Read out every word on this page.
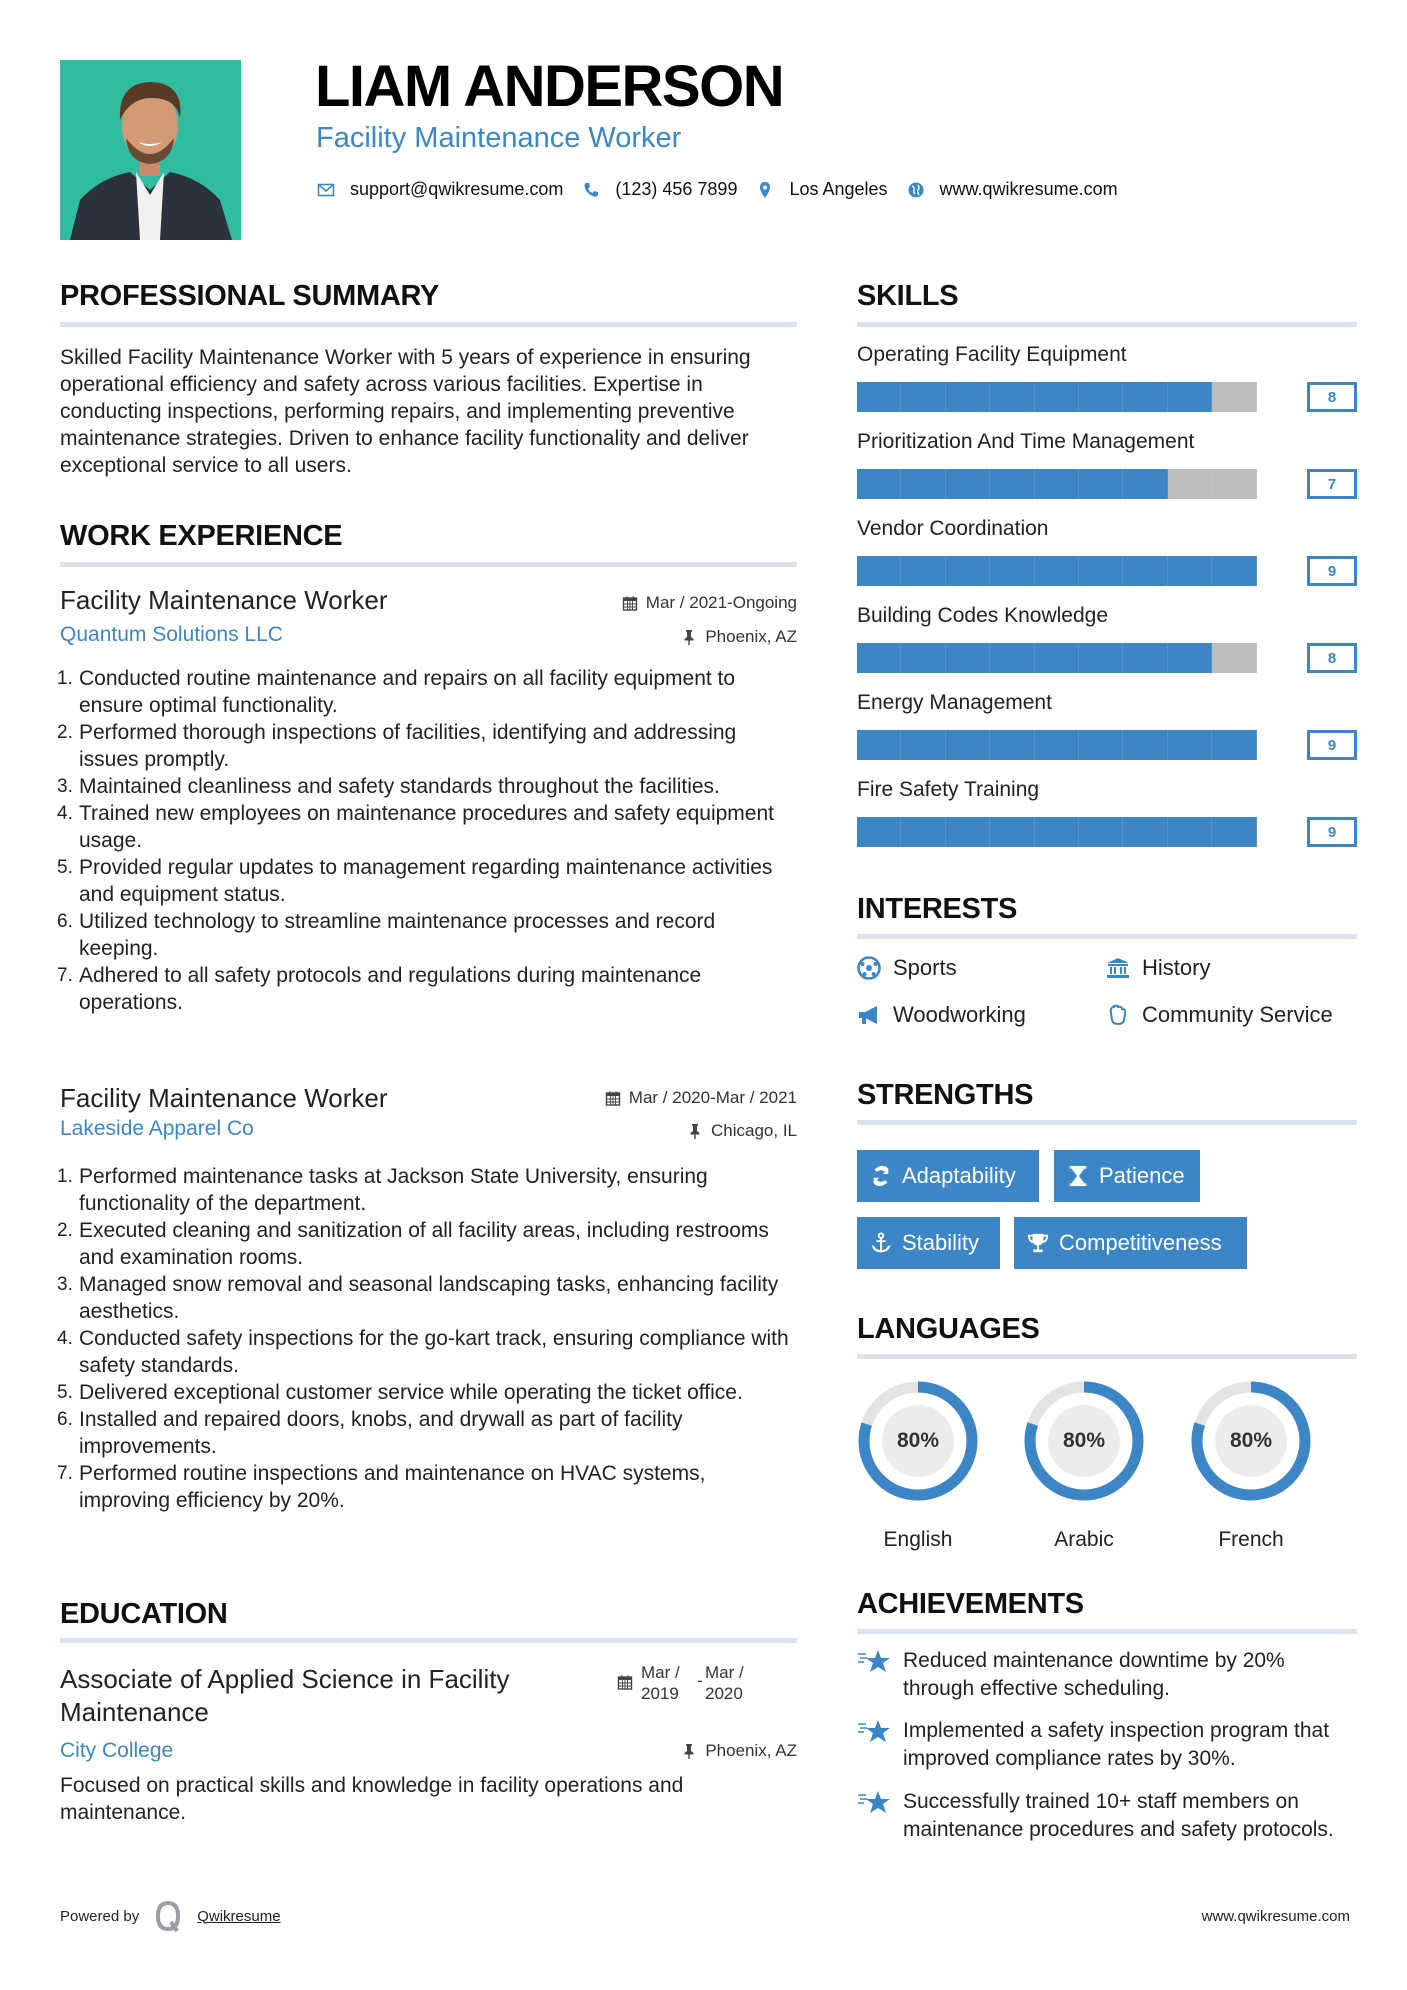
LIAM ANDERSON
Facility Maintenance Worker
support@qwikresume.com	(123) 456 7899	Los Angeles	www.qwikresume.com
PROFESSIONAL SUMMARY

Skilled Facility Maintenance Worker with 5 years of experience in ensuring operational efficiency and safety across various facilities. Expertise in conducting inspections, performing repairs, and implementing preventive maintenance strategies. Driven to enhance facility functionality and deliver exceptional service to all users.

WORK EXPERIENCE
Facility Maintenance Worker	Mar / 2021-Ongoing
Quantum Solutions LLC	Phoenix, AZ
1. Conducted routine maintenance and repairs on all facility equipment to ensure optimal functionality.
2. Performed thorough inspections of facilities, identifying and addressing issues promptly.
3. Maintained cleanliness and safety standards throughout the facilities.
4. Trained new employees on maintenance procedures and safety equipment usage.
5. Provided regular updates to management regarding maintenance activities and equipment status.
6. Utilized technology to streamline maintenance processes and record keeping.
7. Adhered to all safety protocols and regulations during maintenance operations.
Facility Maintenance Worker	Mar / 2020-Mar / 2021
Lakeside Apparel Co	Chicago, IL
1. Performed maintenance tasks at Jackson State University, ensuring functionality of the department.
2. Executed cleaning and sanitization of all facility areas, including restrooms and examination rooms.
3. Managed snow removal and seasonal landscaping tasks, enhancing facility aesthetics.
4. Conducted safety inspections for the go-kart track, ensuring compliance with safety standards.
5. Delivered exceptional customer service while operating the ticket office.
6. Installed and repaired doors, knobs, and drywall as part of facility improvements.
7. Performed routine inspections and maintenance on HVAC systems, improving efficiency by 20%.
EDUCATION
Associate of Applied Science in Facility Maintenance
Mar /
2019
- Mar /
2020
City College	Phoenix, AZ

Focused on practical skills and knowledge in facility operations and maintenance.

SKILLS
Operating Facility Equipment
8
Prioritization And Time Management
7
Vendor Coordination
9
Building Codes Knowledge
8
Energy Management
9
Fire Safety Training
9
INTERESTS
Sports	History
Woodworking	Community Service
STRENGTHS
Adaptability	Patience
Stability	Competitiveness
LANGUAGES
80%
English
80%
Arabic
80%
French
ACHIEVEMENTS
Reduced maintenance downtime by 20% through effective scheduling.
Implemented a safety inspection program that improved compliance rates by 30%.
Successfully trained 10+ staff members on maintenance procedures and safety protocols.
Powered by	Qwikresume	www.qwikresume.com
